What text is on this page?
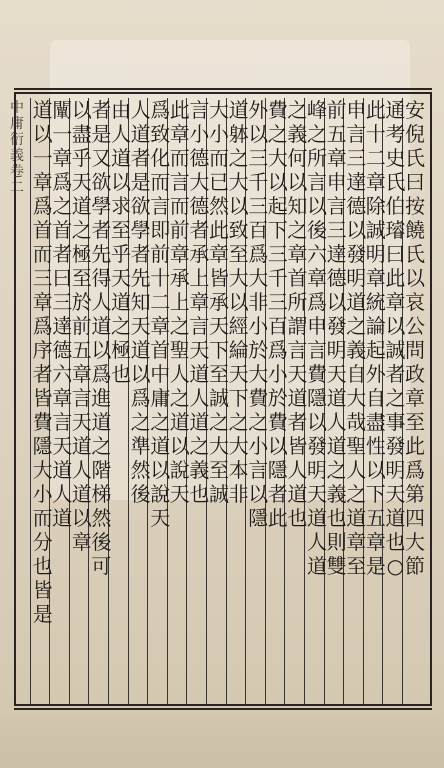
中庸衍義 卷二
安
倪
氏
曰
按
饒
氏
以
哀
公
問
政
章
至
此
爲
第
四
大
節
通
考
史
氏
伯
璿
曰
此
章
以
誠
者
之
事
發
明
天
道
也
○
此
十
二
章
除
誠
明
章
統
論
起
外
自
盡
性
以
下
五
章
是
申
言
三
達
德
以
發
明
道
之
義
自
大
哉
聖
人
之
道
章
至
前
五
章
申
言
三
達
德
以
發
明
天
道
人
道
之
義
也
則
雙
峰
之
所
言
以
後
六
章
爲
申
言
費
隱
以
發
明
天
道
人
道
之
義
何
以
知
之
章
首
所
謂
言
天
道
者
皆
人
道
也
費
之
大
以
起
下
三
千
三
百
爲
小
於
費
以
隱
者
此
外
以
三
千
三
百
爲
大
非
小
於
大
費
之
小
言
以
隱
道
躰
之
大
以
致
至
大
以
經
綸
天
下
之
大
本
非
大
小
而
已
然
此
章
皆
承
天
下
至
誠
之
大
至
誠
言
小
德
大
德
者
承
上
章
言
天
道
人
道
之
義
也
此
章
而
言
而
前
章
承
上
之
聖
人
之
道
以
說
天
爲
致
化
而
言
即
前
十
二
章
首
中
庸
之
道
以
說
天
人
道
者
是
欲
學
者
先
知
天
道
以
爲
之
準
然
後
由
人
道
以
求
至
乎
天
道
之
極
也
者
是
又
欲
學
者
先
得
人
道
以
爲
進
道
之
階
梯
然
後
可
以
盡
乎
天
道
之
極
至
於
前
五
章
言
天
道
人
道
以
章
闡
一
章
爲
之
首
者
曰
三
達
德
六
章
言
天
道
人
道
道
以
一
章
爲
首
而
三
章
爲
序
者
皆
費
隱
大
小
而
分
也
皆
是
